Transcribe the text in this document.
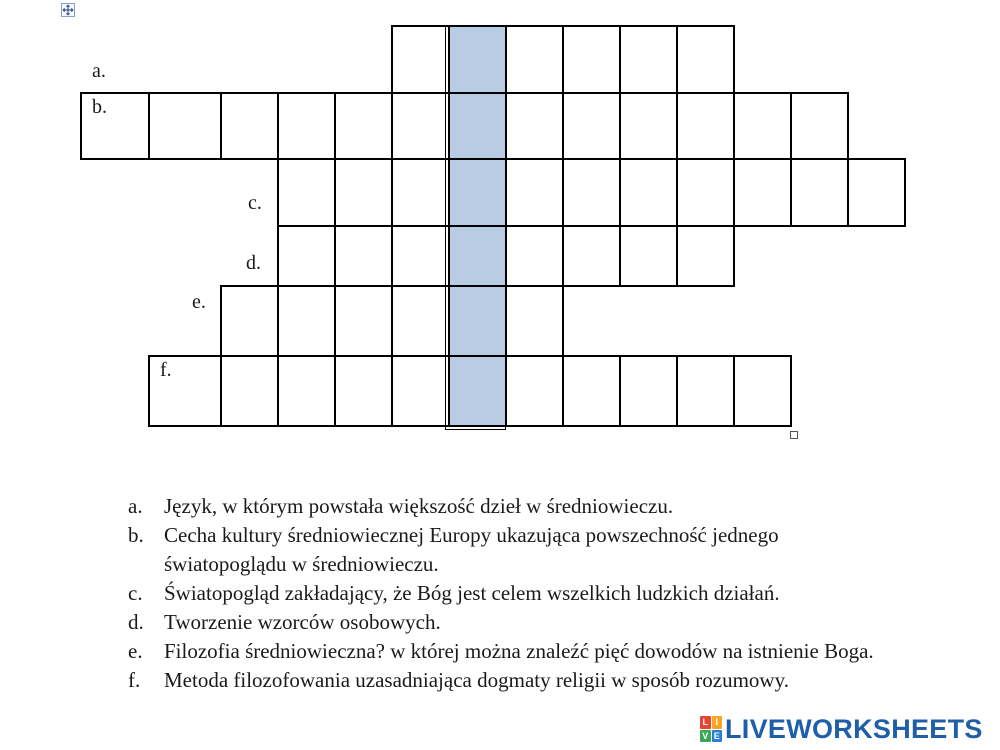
a.
b.
c.
d.
e.
f.
a.	Język, w którym powstała większość dzieł w średniowieczu.
b. Cecha kultury średniowiecznej Europy ukazująca powszechność jednego światopoglądu w średniowieczu.
c.	Światopogląd zakładający, że Bóg jest celem wszelkich ludzkich działań.
d. Tworzenie wzorców osobowych.
e.	Filozofia średniowieczna? w której można znaleźć pięć dowodów na istnienie Boga.
f.	Metoda filozofowania uzasadniająca dogmaty religii w sposób rozumowy.
L I
V E LIVEWORKSHEETS
